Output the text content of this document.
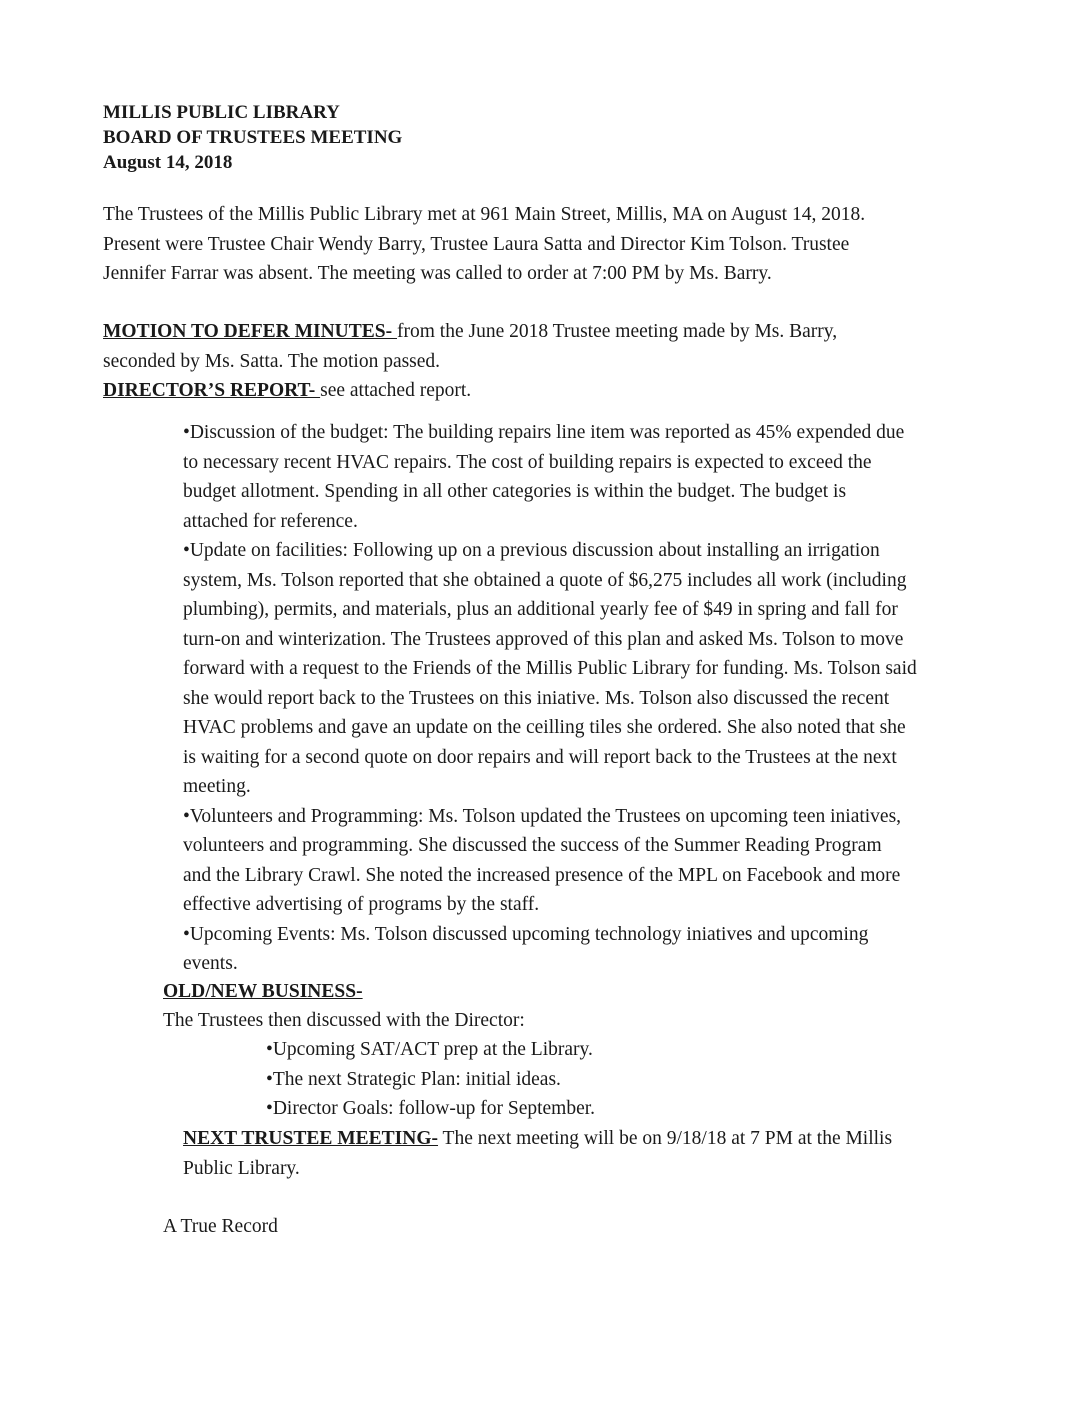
MILLIS PUBLIC LIBRARY
BOARD OF TRUSTEES MEETING
August 14, 2018

The Trustees of the Millis Public Library met at 961 Main Street, Millis, MA on August 14, 2018.

Present were Trustee Chair Wendy Barry, Trustee Laura Satta and Director Kim Tolson. Trustee

Jennifer Farrar was absent. The meeting was called to order at 7:00 PM by Ms. Barry.

MOTION TO DEFER MINUTES- from the June 2018 Trustee meeting made by Ms. Barry,

seconded by Ms. Satta. The motion passed.

DIRECTOR’S REPORT- see attached report.

•Discussion of the budget: The building repairs line item was reported as 45% expended due
to necessary recent HVAC repairs. The cost of building repairs is expected to exceed the
budget allotment. Spending in all other categories is within the budget. The budget is
attached for reference.

•Update on facilities: Following up on a previous discussion about installing an irrigation
system, Ms. Tolson reported that she obtained a quote of $6,275 includes all work (including
plumbing), permits, and materials, plus an additional yearly fee of $49 in spring and fall for
turn-on and winterization. The Trustees approved of this plan and asked Ms. Tolson to move
forward with a request to the Friends of the Millis Public Library for funding. Ms. Tolson said
she would report back to the Trustees on this iniative. Ms. Tolson also discussed the recent
HVAC problems and gave an update on the ceilling tiles she ordered. She also noted that she
is waiting for a second quote on door repairs and will report back to the Trustees at the next
meeting.

•Volunteers and Programming: Ms. Tolson updated the Trustees on upcoming teen iniatives,
volunteers and programming. She discussed the success of the Summer Reading Program
and the Library Crawl. She noted the increased presence of the MPL on Facebook and more
effective advertising of programs by the staff.

•Upcoming Events: Ms. Tolson discussed upcoming technology iniatives and upcoming
events.

OLD/NEW BUSINESS-
The Trustees then discussed with the Director:
•Upcoming SAT/ACT prep at the Library.
•The next Strategic Plan: initial ideas.
•Director Goals: follow-up for September.

NEXT TRUSTEE MEETING- The next meeting will be on 9/18/18 at 7 PM at the Millis

Public Library.

A True Record
